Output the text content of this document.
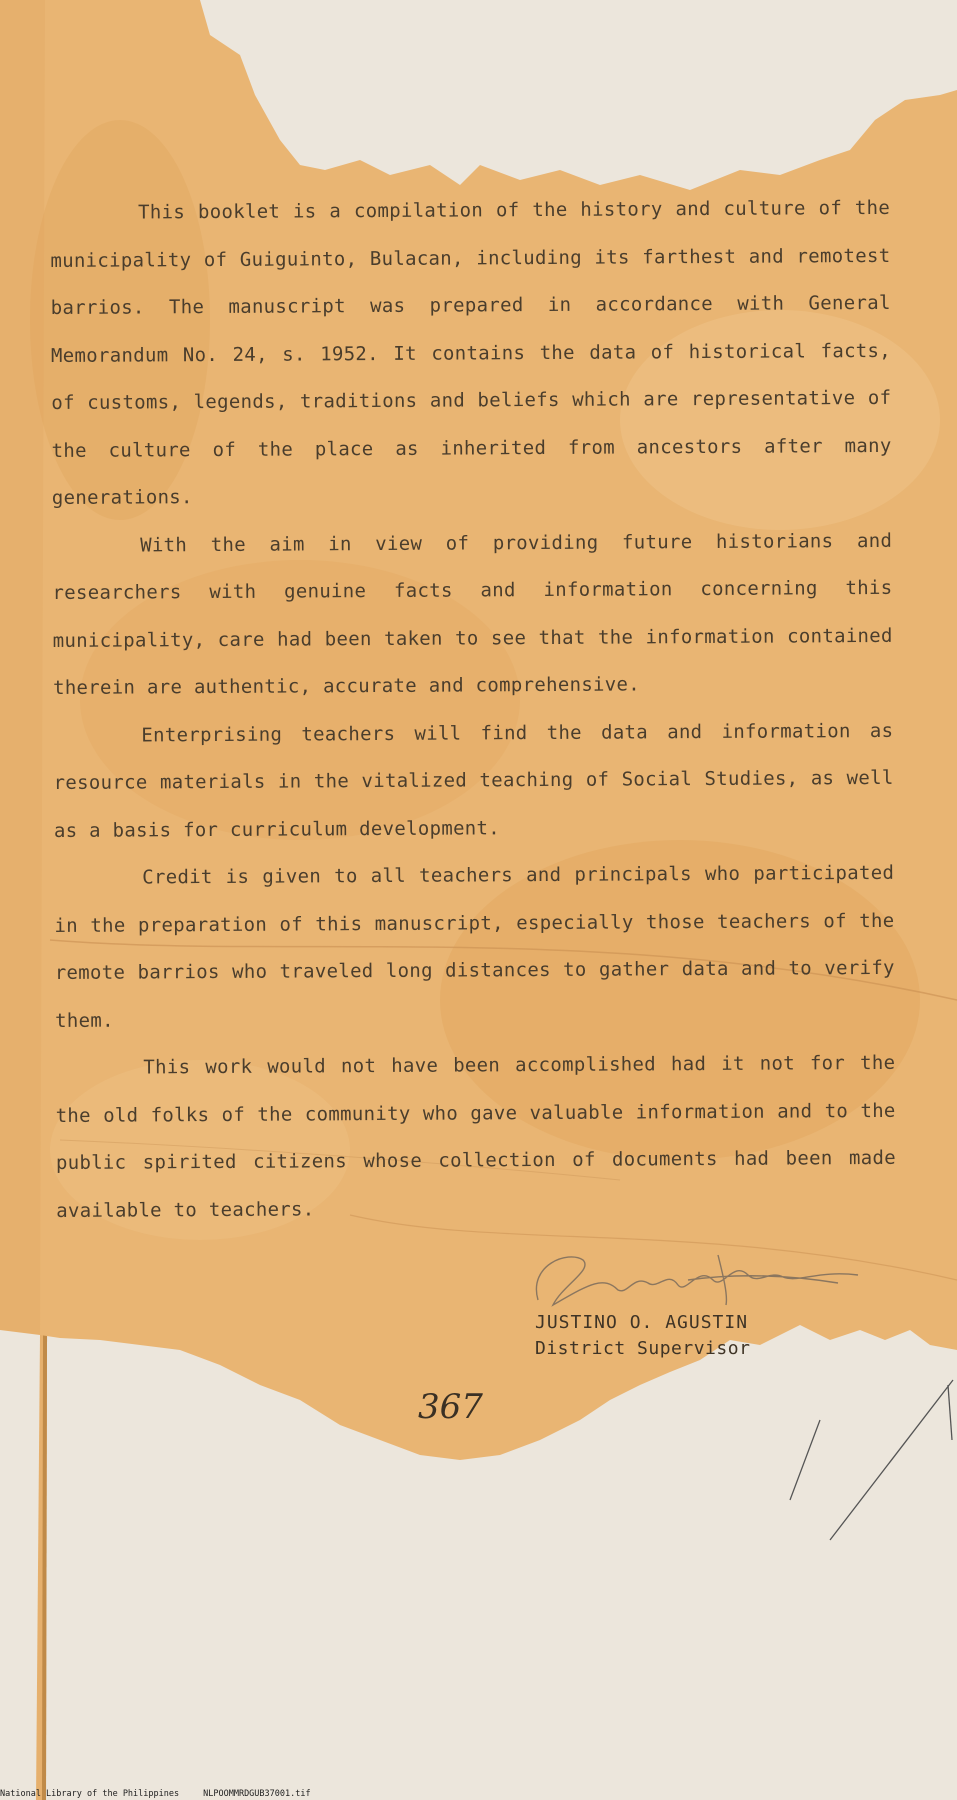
This booklet is a compilation of the history and culture of the municipality of Guiguinto, Bulacan, including its farthest and remotest barrios. The manuscript was prepared in accordance with General Memorandum No. 24, s. 1952. It contains the data of historical facts, of customs, legends, traditions and beliefs which are representative of the culture of the place as inherited from ancestors after many generations.

With the aim in view of providing future historians and researchers with genuine facts and information concerning this municipality, care had been taken to see that the information contained therein are authentic, accurate and comprehensive.

Enterprising teachers will find the data and information as resource materials in the vitalized teaching of Social Studies, as well as a basis for curriculum development.

Credit is given to all teachers and principals who participated in the preparation of this manuscript, especially those teachers of the remote barrios who traveled long distances to gather data and to verify them.

This work would not have been accomplished had it not for the the old folks of the community who gave valuable information and to the public spirited citizens whose collection of documents had been made available to teachers.

JUSTINO O. AGUSTIN
District Supervisor
367
National Library of the Philippines	NLPOOMMRDGUB37001.tif
